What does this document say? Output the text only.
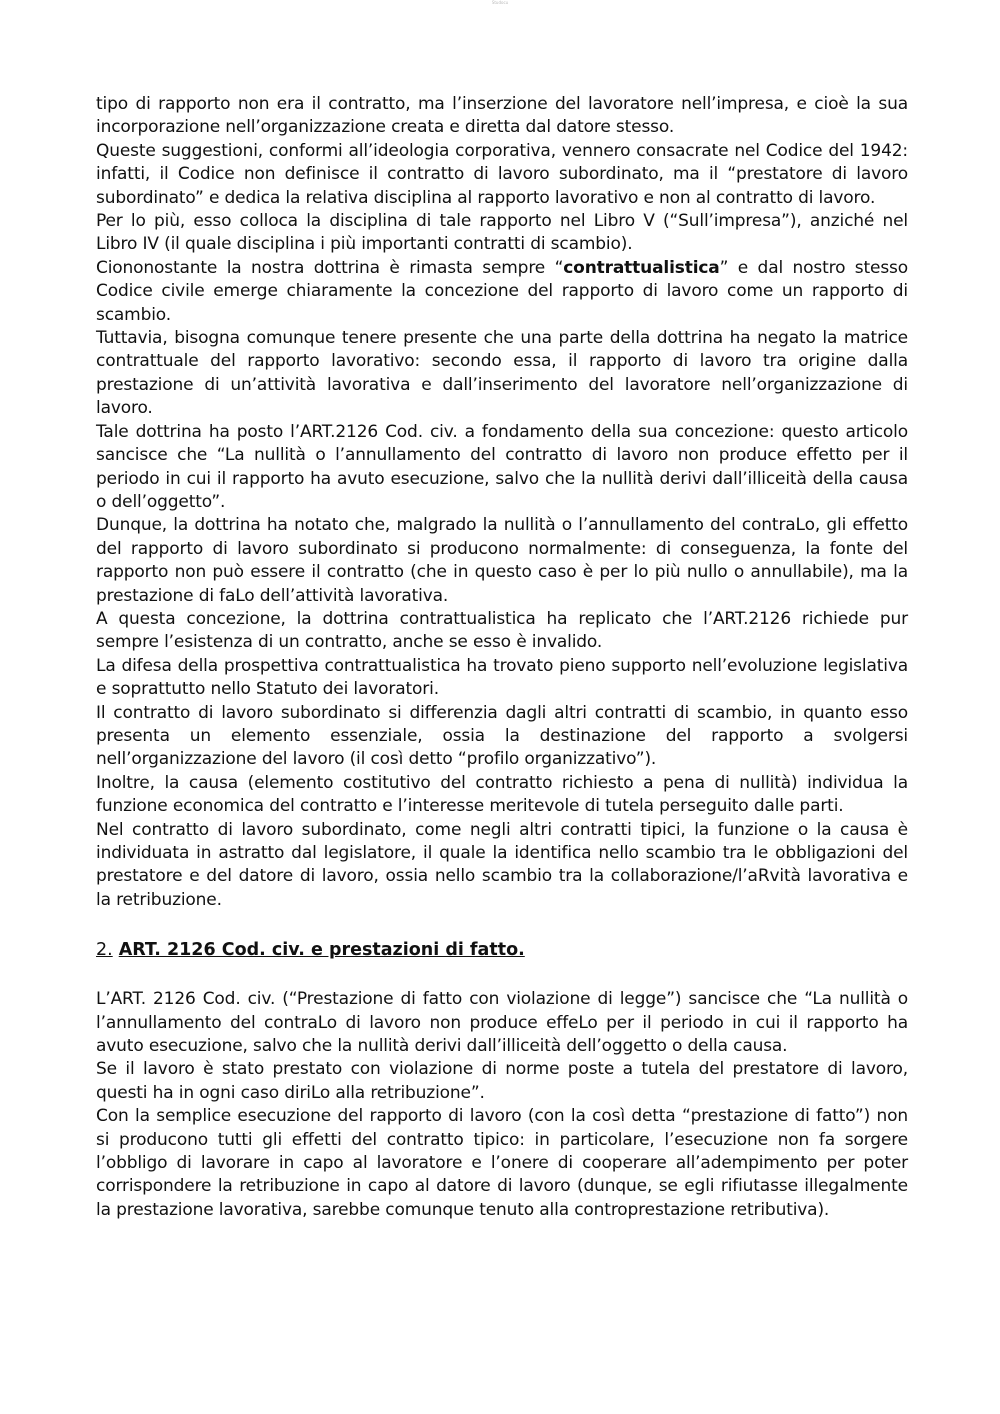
Studocu

tipo di rapporto non era il contratto, ma l’inserzione del lavoratore nell’impresa, e cioè la sua incorporazione nell’organizzazione creata e diretta dal datore stesso.

Queste suggestioni, conformi all’ideologia corporativa, vennero consacrate nel Codice del 1942: infatti, il Codice non definisce il contratto di lavoro subordinato, ma il “prestatore di lavoro subordinato” e dedica la relativa disciplina al rapporto lavorativo e non al contratto di lavoro.

Per lo più, esso colloca la disciplina di tale rapporto nel Libro V (“Sull’impresa”), anziché nel Libro IV (il quale disciplina i più importanti contratti di scambio).

Ciononostante la nostra dottrina è rimasta sempre “contrattualistica” e dal nostro stesso Codice civile emerge chiaramente la concezione del rapporto di lavoro come un rapporto di scambio.

Tuttavia, bisogna comunque tenere presente che una parte della dottrina ha negato la matrice contrattuale del rapporto lavorativo: secondo essa, il rapporto di lavoro tra origine dalla prestazione di un’attività lavorativa e dall’inserimento del lavoratore nell’organizzazione di lavoro.

Tale dottrina ha posto l’ART.2126 Cod. civ. a fondamento della sua concezione: questo articolo sancisce che “La nullità o l’annullamento del contratto di lavoro non produce effetto per il periodo in cui il rapporto ha avuto esecuzione, salvo che la nullità derivi dall’illiceità della causa o dell’oggetto”.

Dunque, la dottrina ha notato che, malgrado la nullità o l’annullamento del contraLo, gli effetto del rapporto di lavoro subordinato si producono normalmente: di conseguenza, la fonte del rapporto non può essere il contratto (che in questo caso è per lo più nullo o annullabile), ma la prestazione di faLo dell’attività lavorativa.

A questa concezione, la dottrina contrattualistica ha replicato che l’ART.2126 richiede pur sempre l’esistenza di un contratto, anche se esso è invalido.

La difesa della prospettiva contrattualistica ha trovato pieno supporto nell’evoluzione legislativa e soprattutto nello Statuto dei lavoratori.

Il contratto di lavoro subordinato si differenzia dagli altri contratti di scambio, in quanto esso presenta un elemento essenziale, ossia la destinazione del rapporto a svolgersi nell’organizzazione del lavoro (il così detto “profilo organizzativo”).

Inoltre, la causa (elemento costitutivo del contratto richiesto a pena di nullità) individua la funzione economica del contratto e l’interesse meritevole di tutela perseguito dalle parti.

Nel contratto di lavoro subordinato, come negli altri contratti tipici, la funzione o la causa è individuata in astratto dal legislatore, il quale la identifica nello scambio tra le obbligazioni del prestatore e del datore di lavoro, ossia nello scambio tra la collaborazione/l’aRvità lavorativa e la retribuzione.

2. ART. 2126 Cod. civ. e prestazioni di fatto.

L’ART. 2126 Cod. civ. (“Prestazione di fatto con violazione di legge”) sancisce che “La nullità o l’annullamento del contraLo di lavoro non produce effeLo per il periodo in cui il rapporto ha avuto esecuzione, salvo che la nullità derivi dall’illiceità dell’oggetto o della causa.

Se il lavoro è stato prestato con violazione di norme poste a tutela del prestatore di lavoro, questi ha in ogni caso diriLo alla retribuzione”.

Con la semplice esecuzione del rapporto di lavoro (con la così detta “prestazione di fatto”) non si producono tutti gli effetti del contratto tipico: in particolare, l’esecuzione non fa sorgere l’obbligo di lavorare in capo al lavoratore e l’onere di cooperare all’adempimento per poter corrispondere la retribuzione in capo al datore di lavoro (dunque, se egli rifiutasse illegalmente la prestazione lavorativa, sarebbe comunque tenuto alla controprestazione retributiva).
